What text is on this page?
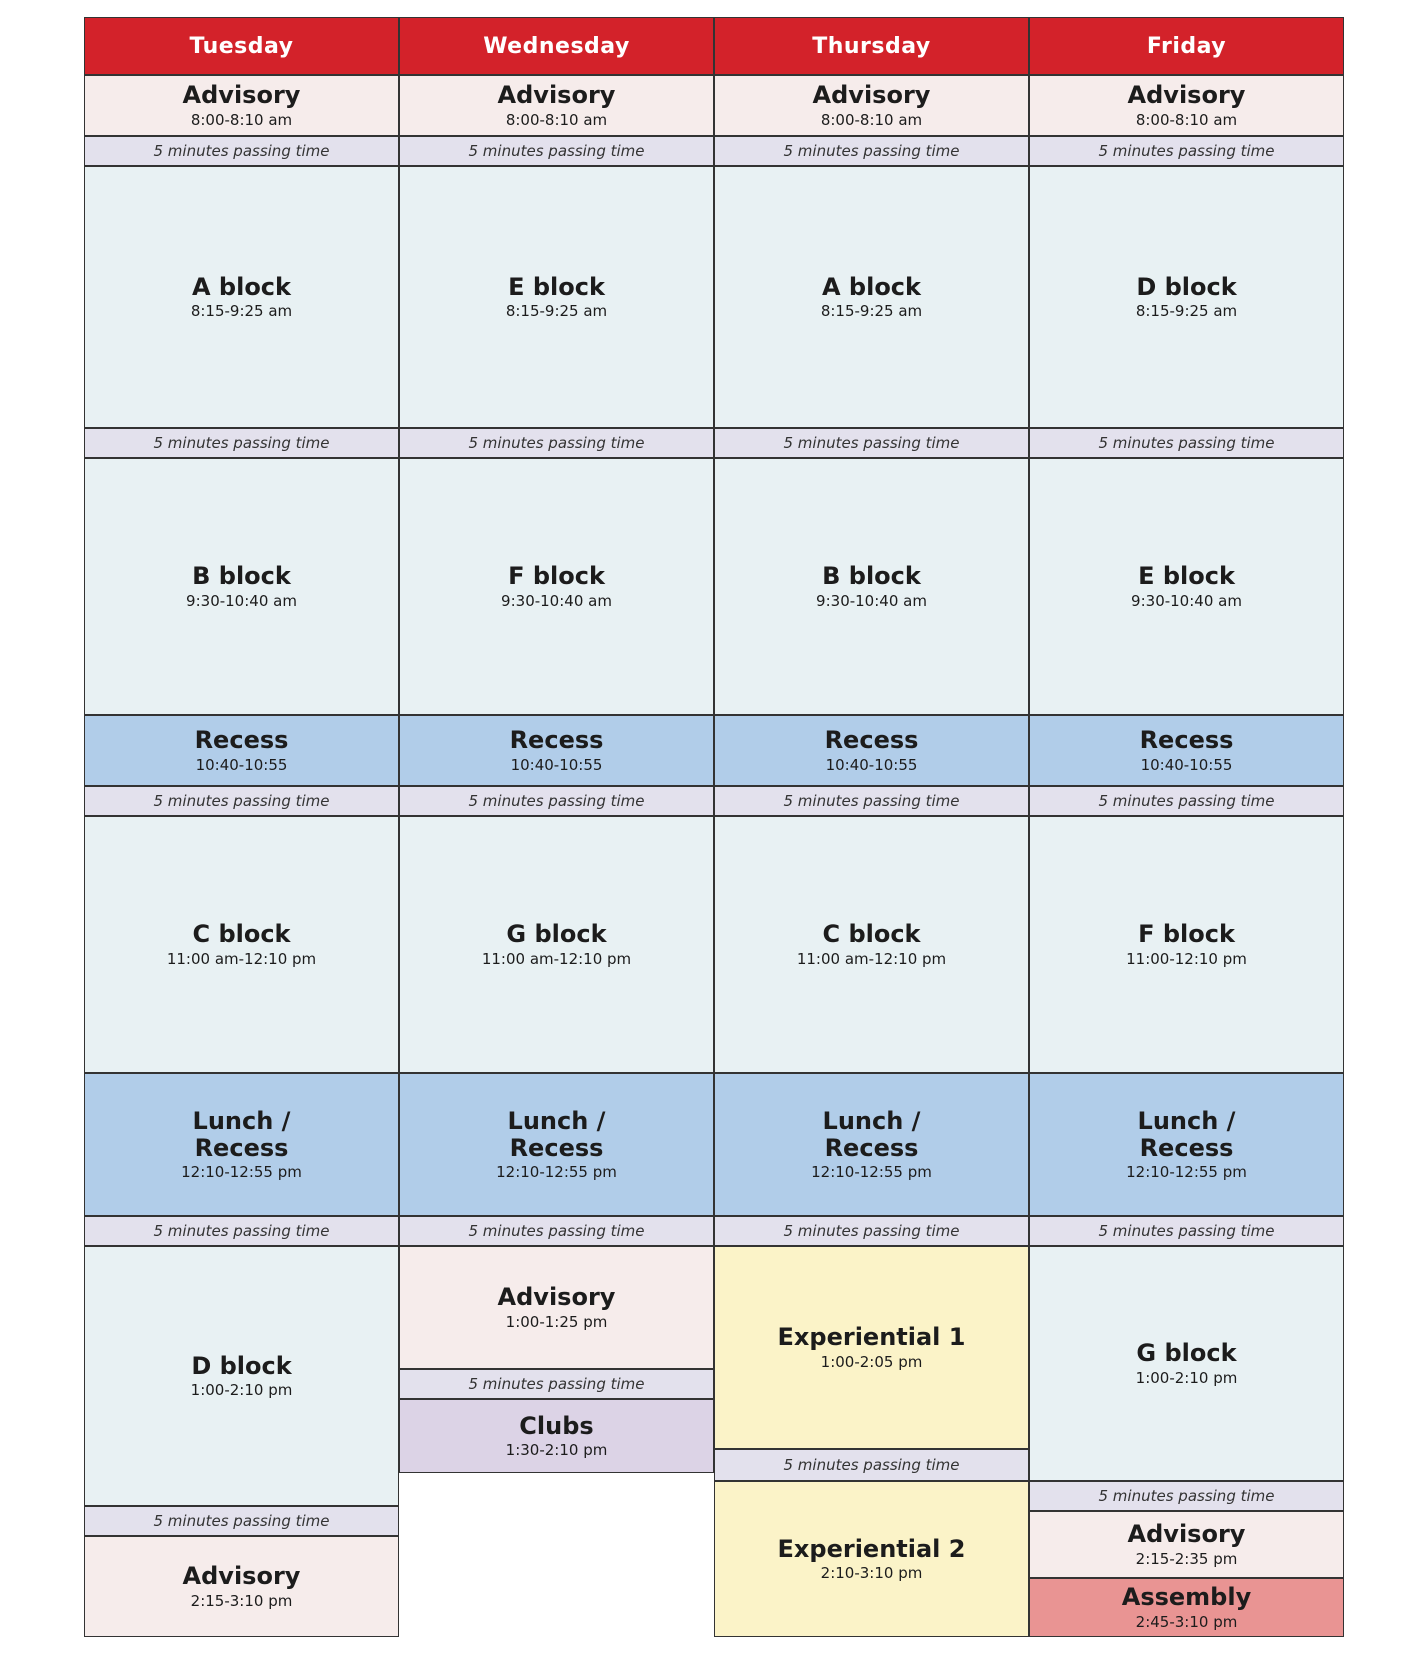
Tuesday
Advisory
8:00-8:10 am
5 minutes passing time
A block
8:15-9:25 am
5 minutes passing time
B block
9:30-10:40 am
Recess
10:40-10:55
5 minutes passing time
C block
11:00 am-12:10 pm
Lunch /
Recess
12:10-12:55 pm
5 minutes passing time
D block
1:00-2:10 pm
5 minutes passing time
Advisory
2:15-3:10 pm
Wednesday
Advisory
8:00-8:10 am
5 minutes passing time
E block
8:15-9:25 am
5 minutes passing time
F block
9:30-10:40 am
Recess
10:40-10:55
5 minutes passing time
G block
11:00 am-12:10 pm
Lunch /
Recess
12:10-12:55 pm
5 minutes passing time
Advisory
1:00-1:25 pm
5 minutes passing time
Clubs
1:30-2:10 pm
Thursday
Advisory
8:00-8:10 am
5 minutes passing time
A block
8:15-9:25 am
5 minutes passing time
B block
9:30-10:40 am
Recess
10:40-10:55
5 minutes passing time
C block
11:00 am-12:10 pm
Lunch /
Recess
12:10-12:55 pm
5 minutes passing time
Experiential 1
1:00-2:05 pm
5 minutes passing time
Experiential 2
2:10-3:10 pm
Friday
Advisory
8:00-8:10 am
5 minutes passing time
D block
8:15-9:25 am
5 minutes passing time
E block
9:30-10:40 am
Recess
10:40-10:55
5 minutes passing time
F block
11:00-12:10 pm
Lunch /
Recess
12:10-12:55 pm
5 minutes passing time
G block
1:00-2:10 pm
5 minutes passing time
Advisory
2:15-2:35 pm
Assembly
2:45-3:10 pm
